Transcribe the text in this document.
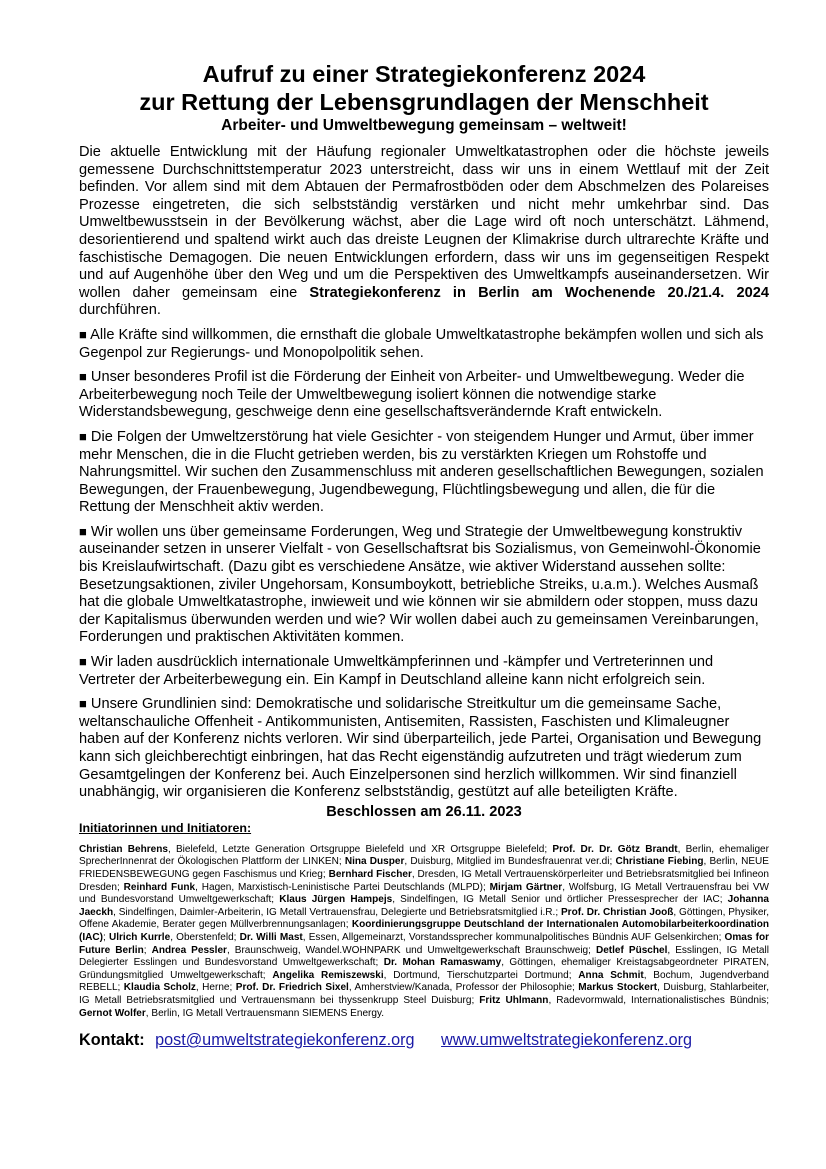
Aufruf zu einer Strategiekonferenz 2024
zur Rettung der Lebensgrundlagen der Menschheit
Arbeiter- und Umweltbewegung gemeinsam – weltweit!
Die aktuelle Entwicklung mit der Häufung regionaler Umweltkatastrophen oder die höchste jeweils gemessene Durchschnittstemperatur 2023 unterstreicht, dass wir uns in einem Wettlauf mit der Zeit befinden. Vor allem sind mit dem Abtauen der Permafrostböden oder dem Abschmelzen des Polareises Prozesse eingetreten, die sich selbstständig verstärken und nicht mehr umkehrbar sind. Das Umweltbewusstsein in der Bevölkerung wächst, aber die Lage wird oft noch unterschätzt. Lähmend, desorientierend und spaltend wirkt auch das dreiste Leugnen der Klimakrise durch ultrarechte Kräfte und faschistische Demagogen. Die neuen Entwicklungen erfordern, dass wir uns im gegenseitigen Respekt und auf Augenhöhe über den Weg und um die Perspektiven des Umweltkampfs auseinandersetzen. Wir wollen daher gemeinsam eine Strategiekonferenz in Berlin am Wochenende 20./21.4. 2024 durchführen.
■ Alle Kräfte sind willkommen, die ernsthaft die globale Umweltkatastrophe bekämpfen wollen und sich als Gegenpol zur Regierungs- und Monopolpolitik sehen.
■ Unser besonderes Profil ist die Förderung der Einheit von Arbeiter- und Umweltbewegung. Weder die Arbeiterbewegung noch Teile der Umweltbewegung isoliert können die notwendige starke Widerstandsbewegung, geschweige denn eine gesellschaftsverändernde Kraft entwickeln.
■ Die Folgen der Umweltzerstörung hat viele Gesichter - von steigendem Hunger und Armut, über immer mehr Menschen, die in die Flucht getrieben werden, bis zu verstärkten Kriegen um Rohstoffe und Nahrungsmittel. Wir suchen den Zusammenschluss mit anderen gesellschaftlichen Bewegungen, sozialen Bewegungen, der Frauenbewegung, Jugendbewegung, Flüchtlingsbewegung und allen, die für die Rettung der Menschheit aktiv werden.
■ Wir wollen uns über gemeinsame Forderungen, Weg und Strategie der Umweltbewegung konstruktiv auseinander setzen in unserer Vielfalt - von Gesellschaftsrat bis Sozialismus, von Gemeinwohl-Ökonomie bis Kreislaufwirtschaft. (Dazu gibt es verschiedene Ansätze, wie aktiver Widerstand aussehen sollte: Besetzungsaktionen, ziviler Ungehorsam, Konsumboykott, betriebliche Streiks, u.a.m.). Welches Ausmaß hat die globale Umweltkatastrophe, inwieweit und wie können wir sie abmildern oder stoppen, muss dazu der Kapitalismus überwunden werden und wie? Wir wollen dabei auch zu gemeinsamen Vereinbarungen, Forderungen und praktischen Aktivitäten kommen.
■ Wir laden ausdrücklich internationale Umweltkämpferinnen und -kämpfer und Vertreterinnen und Vertreter der Arbeiterbewegung ein. Ein Kampf in Deutschland alleine kann nicht erfolgreich sein.
■ Unsere Grundlinien sind: Demokratische und solidarische Streitkultur um die gemeinsame Sache, weltanschauliche Offenheit - Antikommunisten, Antisemiten, Rassisten, Faschisten und Klimaleugner haben auf der Konferenz nichts verloren. Wir sind überparteilich, jede Partei, Organisation und Bewegung kann sich gleichberechtigt einbringen, hat das Recht eigenständig aufzutreten und trägt wiederum zum Gesamtgelingen der Konferenz bei. Auch Einzelpersonen sind herzlich willkommen. Wir sind finanziell unabhängig, wir organisieren die Konferenz selbstständig, gestützt auf alle beteiligten Kräfte.
Beschlossen am 26.11. 2023
Initiatorinnen und Initiatoren:
Christian Behrens, Bielefeld, Letzte Generation Ortsgruppe Bielefeld und XR Ortsgruppe Bielefeld; Prof. Dr. Dr. Götz Brandt, Berlin, ehemaliger SprecherInnenrat der Ökologischen Plattform der LINKEN; Nina Dusper, Duisburg, Mitglied im Bundesfrauenrat ver.di; Christiane Fiebing, Berlin, NEUE FRIEDENSBEWEGUNG gegen Faschismus und Krieg; Bernhard Fischer, Dresden, IG Metall Vertrauenskörperleiter und Betriebsratsmitglied bei Infineon Dresden; Reinhard Funk, Hagen, Marxistisch-Leninistische Partei Deutschlands (MLPD); Mirjam Gärtner, Wolfsburg, IG Metall Vertrauensfrau bei VW und Bundesvorstand Umweltgewerkschaft; Klaus Jürgen Hampejs, Sindelfingen, IG Metall Senior und örtlicher Pressesprecher der IAC; Johanna Jaeckh, Sindelfingen, Daimler-Arbeiterin, IG Metall Vertrauensfrau, Delegierte und Betriebsratsmitglied i.R.; Prof. Dr. Christian Jooß, Göttingen, Physiker, Offene Akademie, Berater gegen Müllverbrennungsanlagen; Koordinierungsgruppe Deutschland der Internationalen Automobilarbeiterkoordination (IAC); Ulrich Kurrle, Oberstenfeld; Dr. Willi Mast, Essen, Allgemeinarzt, Vorstandssprecher kommunalpolitisches Bündnis AUF Gelsenkirchen; Omas for Future Berlin; Andrea Pessler, Braunschweig, Wandel.WOHNPARK und Umweltgewerkschaft Braunschweig; Detlef Püschel, Esslingen, IG Metall Delegierter Esslingen und Bundesvorstand Umweltgewerkschaft; Dr. Mohan Ramaswamy, Göttingen, ehemaliger Kreistagsabgeordneter PIRATEN, Gründungsmitglied Umweltgewerkschaft; Angelika Remiszewski, Dortmund, Tierschutzpartei Dortmund; Anna Schmit, Bochum, Jugendverband REBELL; Klaudia Scholz, Herne; Prof. Dr. Friedrich Sixel, Amherstview/Kanada, Professor der Philosophie; Markus Stockert, Duisburg, Stahlarbeiter, IG Metall Betriebsratsmitglied und Vertrauensmann bei thyssenkrupp Steel Duisburg; Fritz Uhlmann, Radevormwald, Internationalistisches Bündnis; Gernot Wolfer, Berlin, IG Metall Vertrauensmann SIEMENS Energy.
Kontakt: post@umweltstrategiekonferenz.org www.umweltstrategiekonferenz.org
